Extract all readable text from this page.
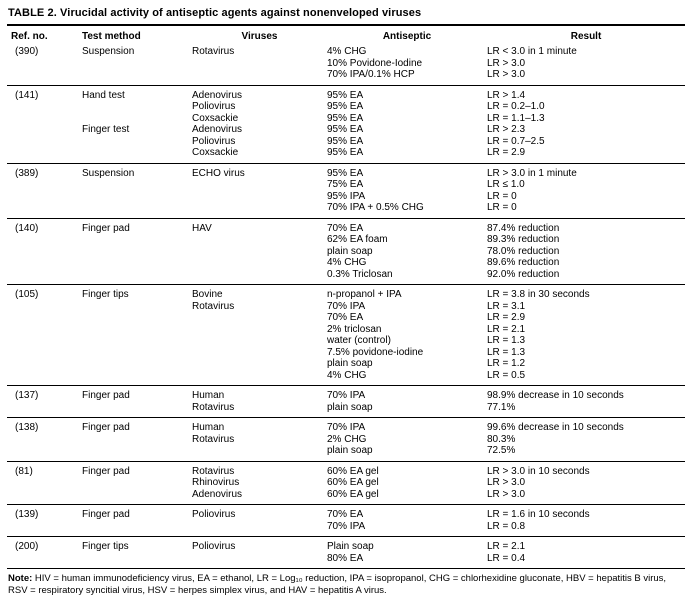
TABLE 2. Virucidal activity of antiseptic agents against nonenveloped viruses
Ref. no.	Test method	Viruses	Antiseptic	Result
(390)	Suspension	Rotavirus	4% CHG	LR < 3.0 in 1 minute
			10% Povidone-Iodine	LR > 3.0
			70% IPA/0.1% HCP	LR > 3.0
(141)	Hand test	Adenovirus	95% EA	LR > 1.4
		Poliovirus	95% EA	LR = 0.2–1.0
		Coxsackie	95% EA	LR = 1.1–1.3
	Finger test	Adenovirus	95% EA	LR > 2.3
		Poliovirus	95% EA	LR = 0.7–2.5
		Coxsackie	95% EA	LR = 2.9
(389)	Suspension	ECHO virus	95% EA	LR > 3.0 in 1 minute
			75% EA	LR ≤ 1.0
			95% IPA	LR = 0
			70% IPA + 0.5% CHG	LR = 0
(140)	Finger pad	HAV	70% EA	87.4% reduction
			62% EA foam	89.3% reduction
			plain soap	78.0% reduction
			4% CHG	89.6% reduction
			0.3% Triclosan	92.0% reduction
(105)	Finger tips	Bovine	n-propanol + IPA	LR = 3.8 in 30 seconds
		Rotavirus	70% IPA	LR = 3.1
			70% EA	LR = 2.9
			2% triclosan	LR = 2.1
			water (control)	LR = 1.3
			7.5% povidone-iodine	LR = 1.3
			plain soap	LR = 1.2
			4% CHG	LR = 0.5
(137)	Finger pad	Human	70% IPA	98.9% decrease in 10 seconds
		Rotavirus	plain soap	77.1%
(138)	Finger pad	Human	70% IPA	99.6% decrease in 10 seconds
		Rotavirus	2% CHG	80.3%
			plain soap	72.5%
(81)	Finger pad	Rotavirus	60% EA gel	LR > 3.0 in 10 seconds
		Rhinovirus	60% EA gel	LR > 3.0
		Adenovirus	60% EA gel	LR > 3.0
(139)	Finger pad	Poliovirus	70% EA	LR = 1.6 in 10 seconds
			70% IPA	LR = 0.8
(200)	Finger tips	Poliovirus	Plain soap	LR = 2.1
			80% EA	LR = 0.4
Note: HIV = human immunodeficiency virus, EA = ethanol, LR = Log₁₀ reduction, IPA = isopropanol, CHG = chlorhexidine gluconate, HBV = hepatitis B virus, RSV = respiratory syncitial virus, HSV = herpes simplex virus, and HAV = hepatitis A virus.
